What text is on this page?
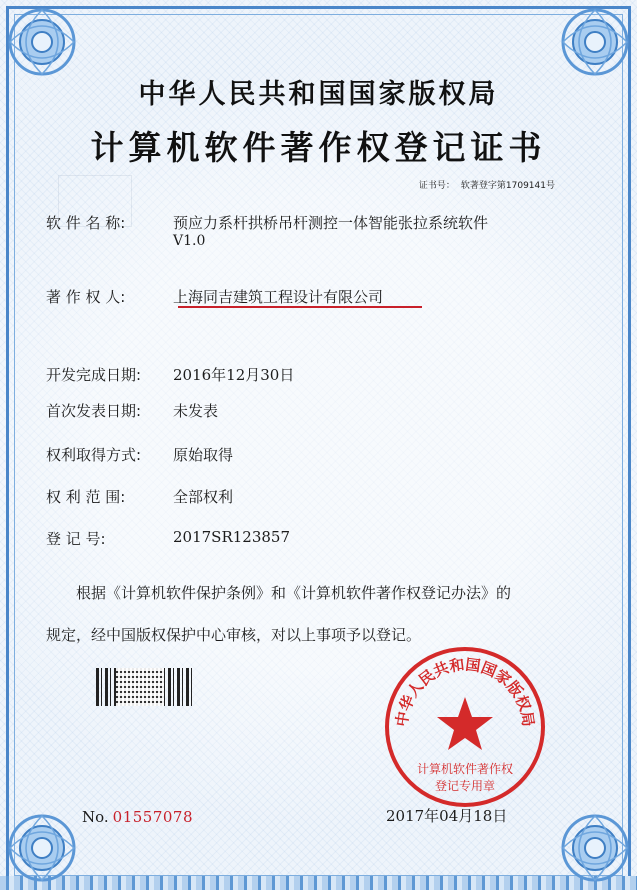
中华人民共和国国家版权局
计算机软件著作权登记证书
证书号： 软著登字第1709141号
软 件 名 称:	预应力系杆拱桥吊杆测控一体智能张拉系统软件
V1.0
著 作 权 人:	上海同吉建筑工程设计有限公司
开发完成日期: 2016年12月30日
首次发表日期: 未发表
权利取得方式: 原始取得
权 利 范 围:	全部权利
登 记 号:	2017SR123857
根据《计算机软件保护条例》和《计算机软件著作权登记办法》的
规定，经中国版权保护中心审核，对以上事项予以登记。
中华人民共和国国家版权局
计算机软件著作权
登记专用章
No. 01557078	2017年04月18日
